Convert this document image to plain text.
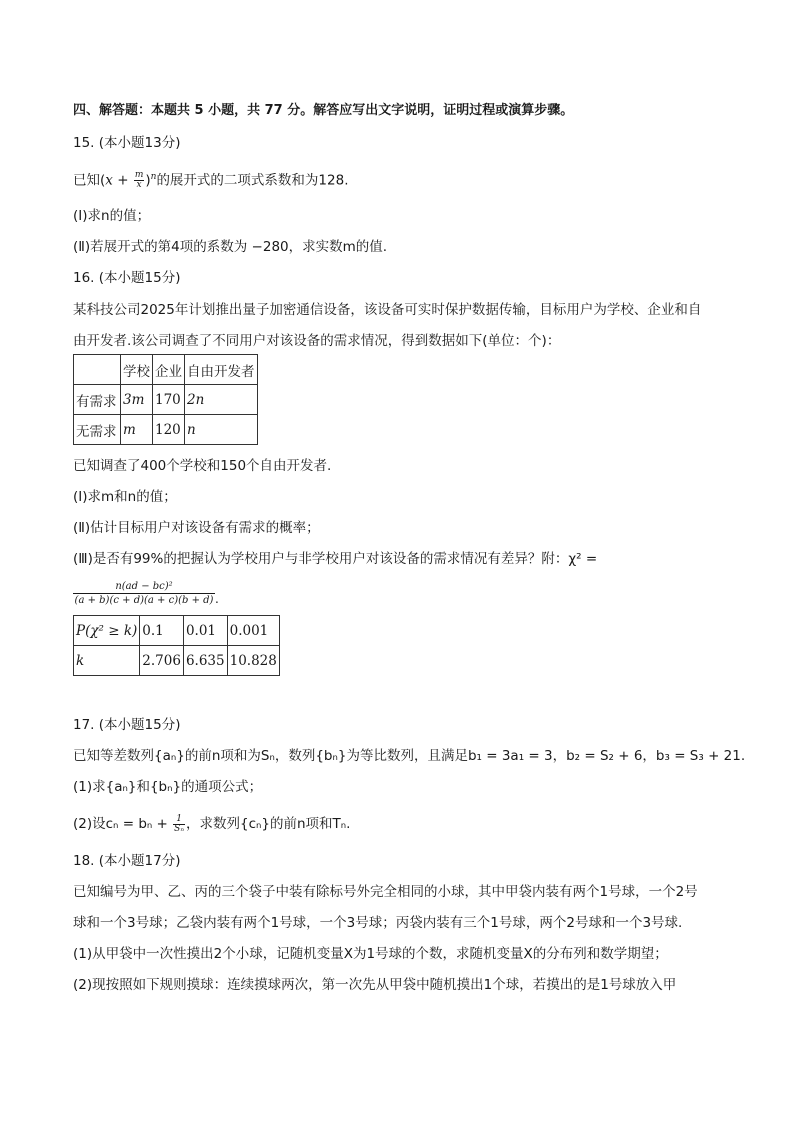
四、解答题：本题共 5 小题，共 77 分。解答应写出文字说明，证明过程或演算步骤。
15. (本小题13分)
已知$(x + \frac{m}{x} )^n$的展开式的二项式系数和为128.
(Ⅰ)求n的值；
(Ⅱ)若展开式的第4项的系数为 −280，求实数m的值.
16. (本小题15分)
某科技公司2025年计划推出量子加密通信设备，该设备可实时保护数据传输，目标用户为学校、企业和自
由开发者.该公司调查了不同用户对该设备的需求情况，得到数据如下(单位：个)：
	学校	企业	自由开发者
有需求	3m	170	2n
无需求	m	120	n
已知调查了400个学校和150个自由开发者.
(Ⅰ)求m和n的值；
(Ⅱ)估计目标用户对该设备有需求的概率；
(Ⅲ)是否有99%的把握认为学校用户与非学校用户对该设备的需求情况有差异？附：χ² =
$\frac{\text{n(ad − bc)²}}{(a + b)(c + d)(a + c)(b + d)}$ .
P(χ² ≥ k)	0.1	0.01	0.001
k	2.706	6.635	10.828
17. (本小题15分)
已知等差数列{aₙ}的前n项和为Sₙ，数列{bₙ}为等比数列，且满足b₁ = 3a₁ = 3，b₂ = S₂ + 6，b₃ = S₃ + 21.
(1)求{aₙ}和{bₙ}的通项公式；
(2)设$c_n = b_n + \frac{1}{\text{Sₙ}}$ ，求数列{cₙ}的前n项和Tₙ.
18. (本小题17分)
已知编号为甲、乙、丙的三个袋子中装有除标号外完全相同的小球，其中甲袋内装有两个1号球，一个2号
球和一个3号球；乙袋内装有两个1号球，一个3号球；丙袋内装有三个1号球，两个2号球和一个3号球.
(1)从甲袋中一次性摸出2个小球，记随机变量X为1号球的个数，求随机变量X的分布列和数学期望；
(2)现按照如下规则摸球：连续摸球两次，第一次先从甲袋中随机摸出1个球，若摸出的是1号球放入甲
